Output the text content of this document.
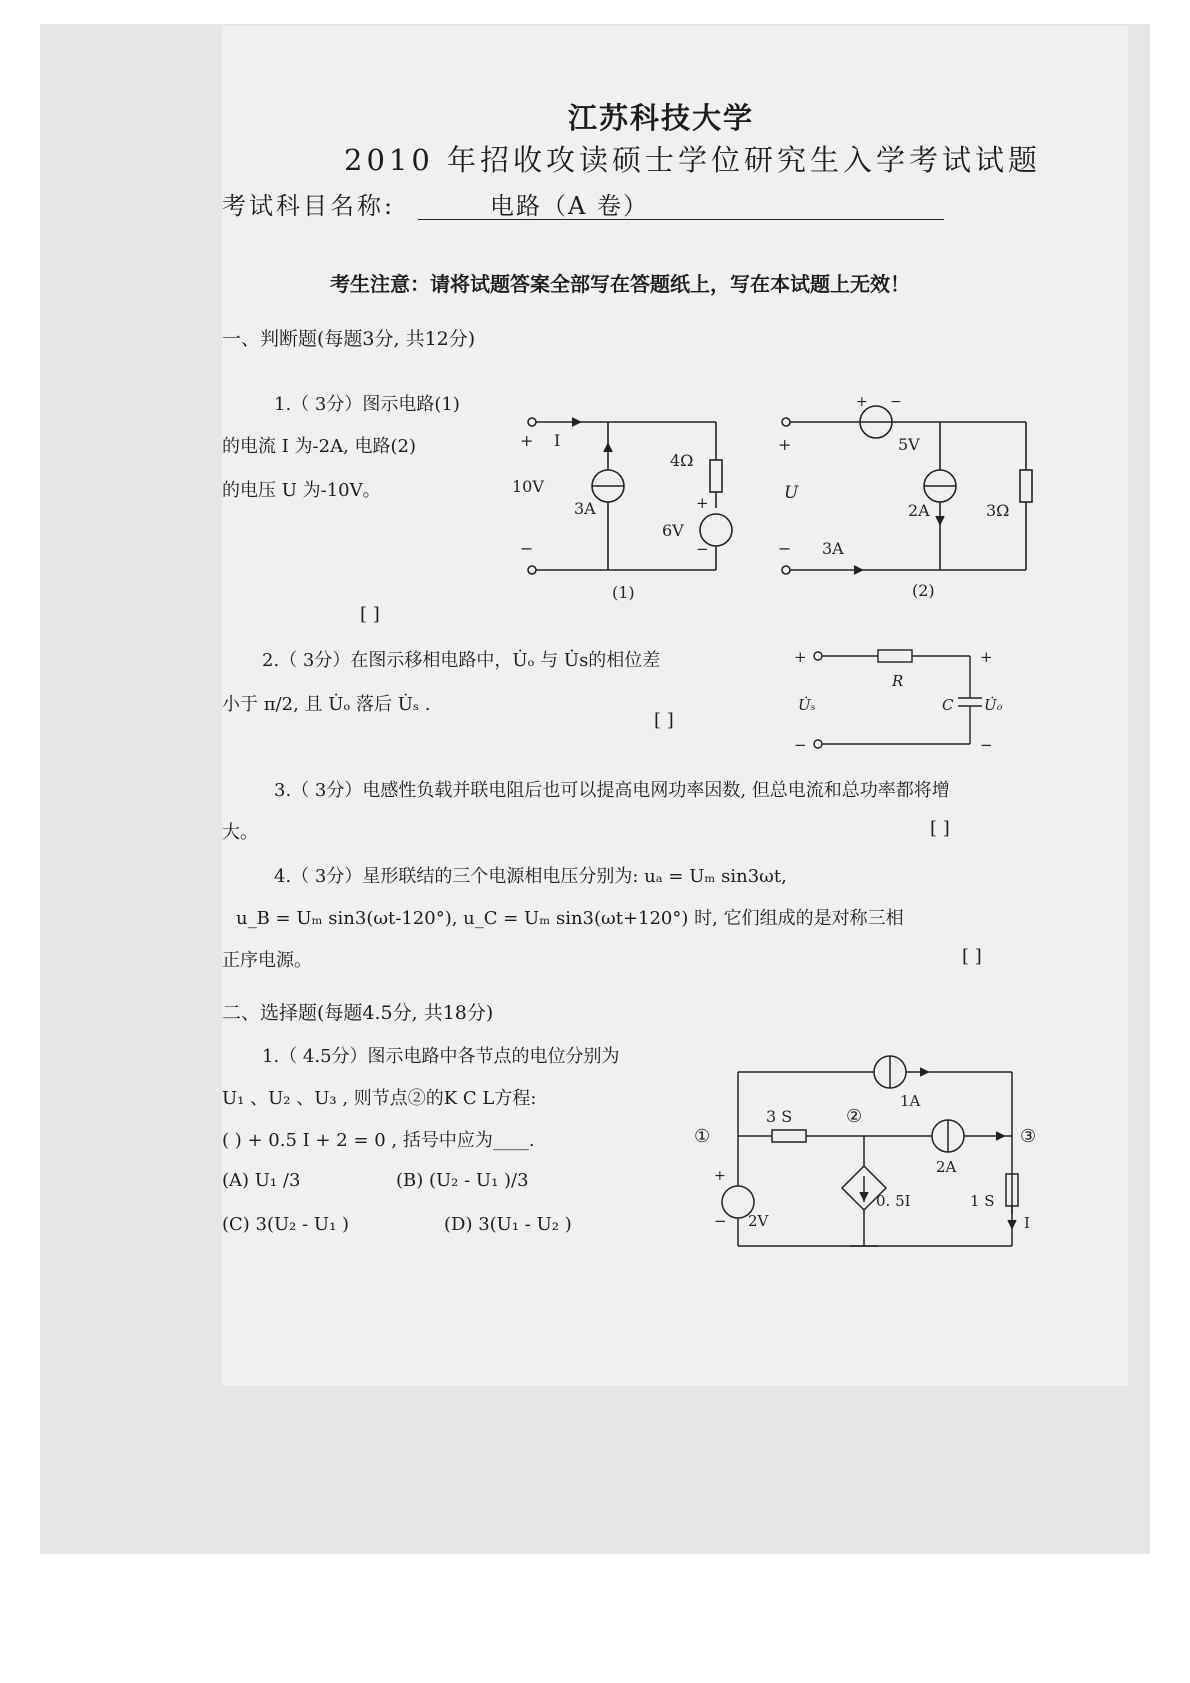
江苏科技大学
2010 年招收攻读硕士学位研究生入学考试试题
考试科目名称:	电路（A 卷）
考生注意：请将试题答案全部写在答题纸上，写在本试题上无效！
一、判断题(每题3分, 共12分)
1.（ 3分）图示电路(1)
的电流 I 为-2A, 电路(2)
的电压 U 为-10V。
[ ]
2.（ 3分）在图示移相电路中，U̇ₒ 与 U̇s的相位差
小于 π/2, 且 U̇ₒ 落后 U̇ₛ .
[ ]
3.（ 3分）电感性负载并联电阻后也可以提高电网功率因数, 但总电流和总功率都将增
大。	[ ]
4.（ 3分）星形联结的三个电源相电压分别为: uₐ = Uₘ sin3ωt,
u_B = Uₘ sin3(ωt-120°), u_C = Uₘ sin3(ωt+120°) 时, 它们组成的是对称三相
正序电源。	[ ]
二、选择题(每题4.5分, 共18分)
1.（ 4.5分）图示电路中各节点的电位分别为
U₁ 、U₂ 、U₃ , 则节点②的K C L方程:
( ) + 0.5 I + 2 = 0 , 括号中应为____.
(A) U₁ /3	(B) (U₂ - U₁ )/3
(C) 3(U₂ - U₁ )	(D) 3(U₁ - U₂ )
+ I
10V
3A
4Ω
+
6V
−
−
(1)
+ −
5V
+
U
2A	3Ω
− 3A
(2)
+	+
R
U̇ₛ	C U̇ₒ
−	−
1A
3 S
①
②
③
2A
+
− 2V
0. 5I	1 S
I
